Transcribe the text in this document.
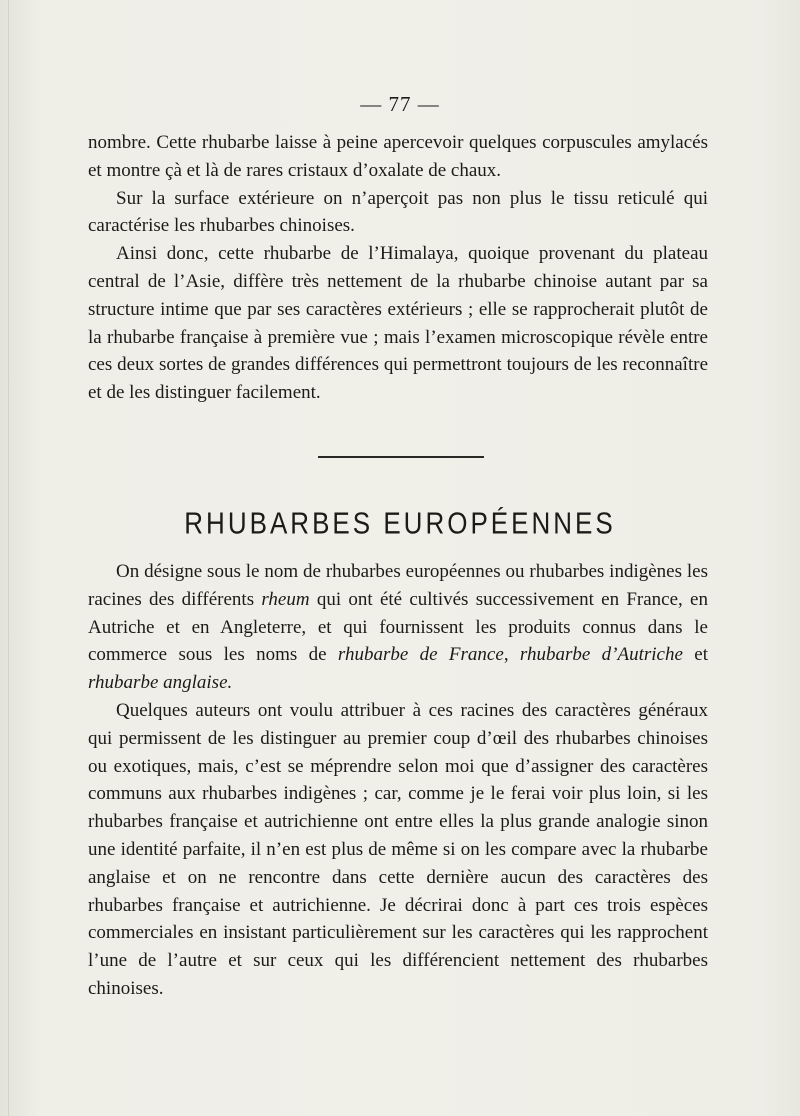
— 77 —

nombre. Cette rhubarbe laisse à peine apercevoir quelques corpuscules amylacés et montre çà et là de rares cristaux d’oxalate de chaux.

Sur la surface extérieure on n’aperçoit pas non plus le tissu reticulé qui caractérise les rhubarbes chinoises.

Ainsi donc, cette rhubarbe de l’Himalaya, quoique provenant du plateau central de l’Asie, diffère très nettement de la rhubarbe chinoise autant par sa structure intime que par ses caractères extérieurs ; elle se rapprocherait plutôt de la rhubarbe française à première vue ; mais l’examen microscopique révèle entre ces deux sortes de grandes différences qui permettront toujours de les reconnaître et de les distinguer facilement.

RHUBARBES EUROPÉENNES

On désigne sous le nom de rhubarbes européennes ou rhubarbes indigènes les racines des différents rheum qui ont été cultivés successivement en France, en Autriche et en Angleterre, et qui fournissent les produits connus dans le commerce sous les noms de rhubarbe de France, rhubarbe d’Autriche et rhubarbe anglaise.

Quelques auteurs ont voulu attribuer à ces racines des caractères généraux qui permissent de les distinguer au premier coup d’œil des rhubarbes chinoises ou exotiques, mais, c’est se méprendre selon moi que d’assigner des caractères communs aux rhubarbes indigènes ; car, comme je le ferai voir plus loin, si les rhubarbes française et autrichienne ont entre elles la plus grande analogie sinon une identité parfaite, il n’en est plus de même si on les compare avec la rhubarbe anglaise et on ne rencontre dans cette dernière aucun des caractères des rhubarbes française et autrichienne. Je décrirai donc à part ces trois espèces commerciales en insistant particulièrement sur les caractères qui les rapprochent l’une de l’autre et sur ceux qui les différencient nettement des rhubarbes chinoises.
